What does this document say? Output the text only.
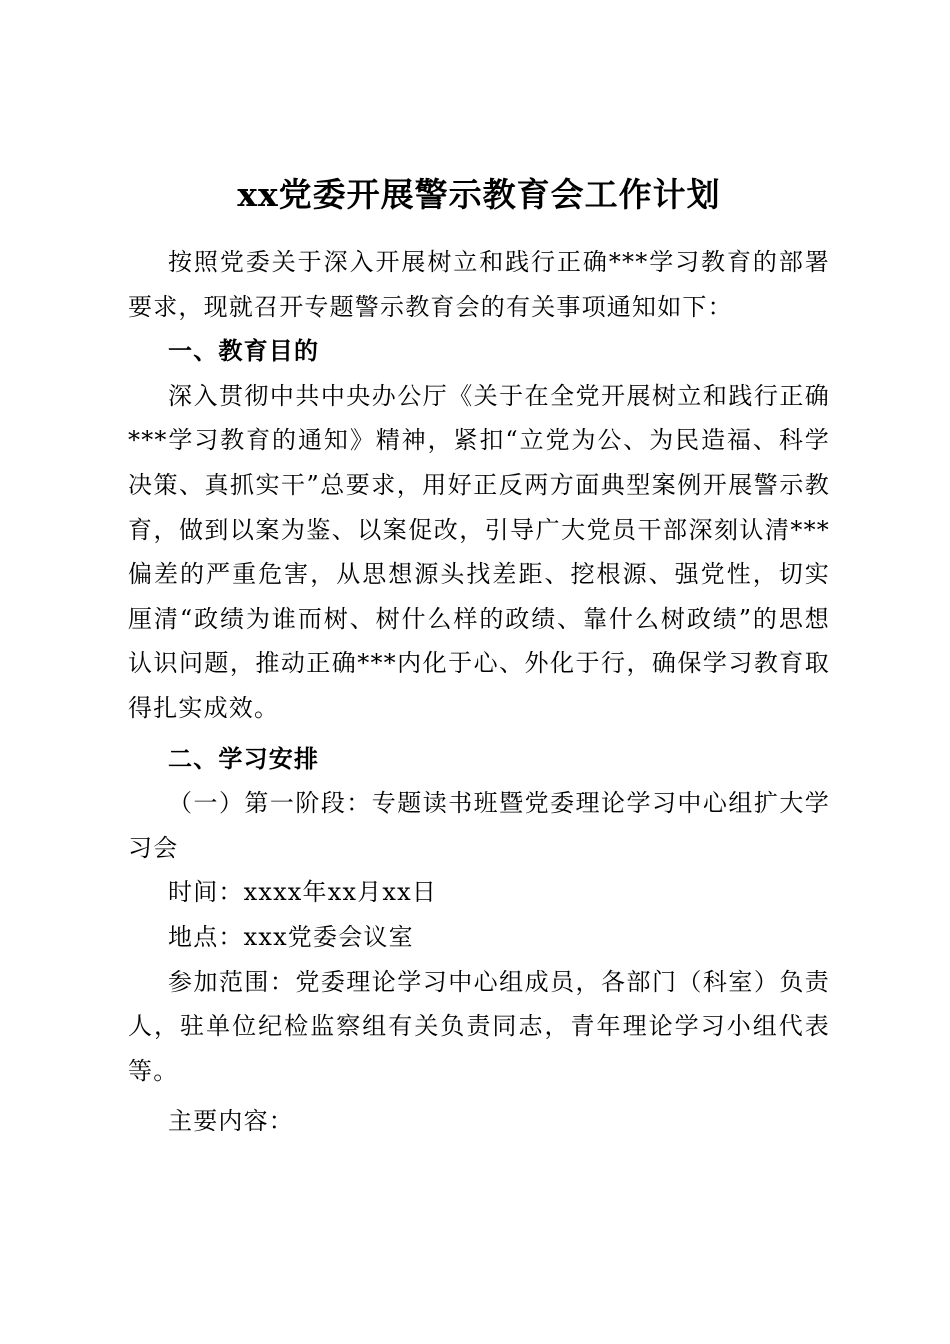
xx党委开展警示教育会工作计划

按照党委关于深入开展树立和践行正确***学习教育的部署要求，现就召开专题警示教育会的有关事项通知如下：

一、教育目的

深入贯彻中共中央办公厅《关于在全党开展树立和践行正确***学习教育的通知》精神，紧扣“立党为公、为民造福、科学决策、真抓实干”总要求，用好正反两方面典型案例开展警示教育，做到以案为鉴、以案促改，引导广大党员干部深刻认清***偏差的严重危害，从思想源头找差距、挖根源、强党性，切实厘清“政绩为谁而树、树什么样的政绩、靠什么树政绩”的思想认识问题，推动正确***内化于心、外化于行，确保学习教育取得扎实成效。

二、学习安排

（一）第一阶段：专题读书班暨党委理论学习中心组扩大学习会

时间：xxxx年xx月xx日

地点：xxx党委会议室

参加范围：党委理论学习中心组成员，各部门（科室）负责人，驻单位纪检监察组有关负责同志，青年理论学习小组代表等。

主要内容：
